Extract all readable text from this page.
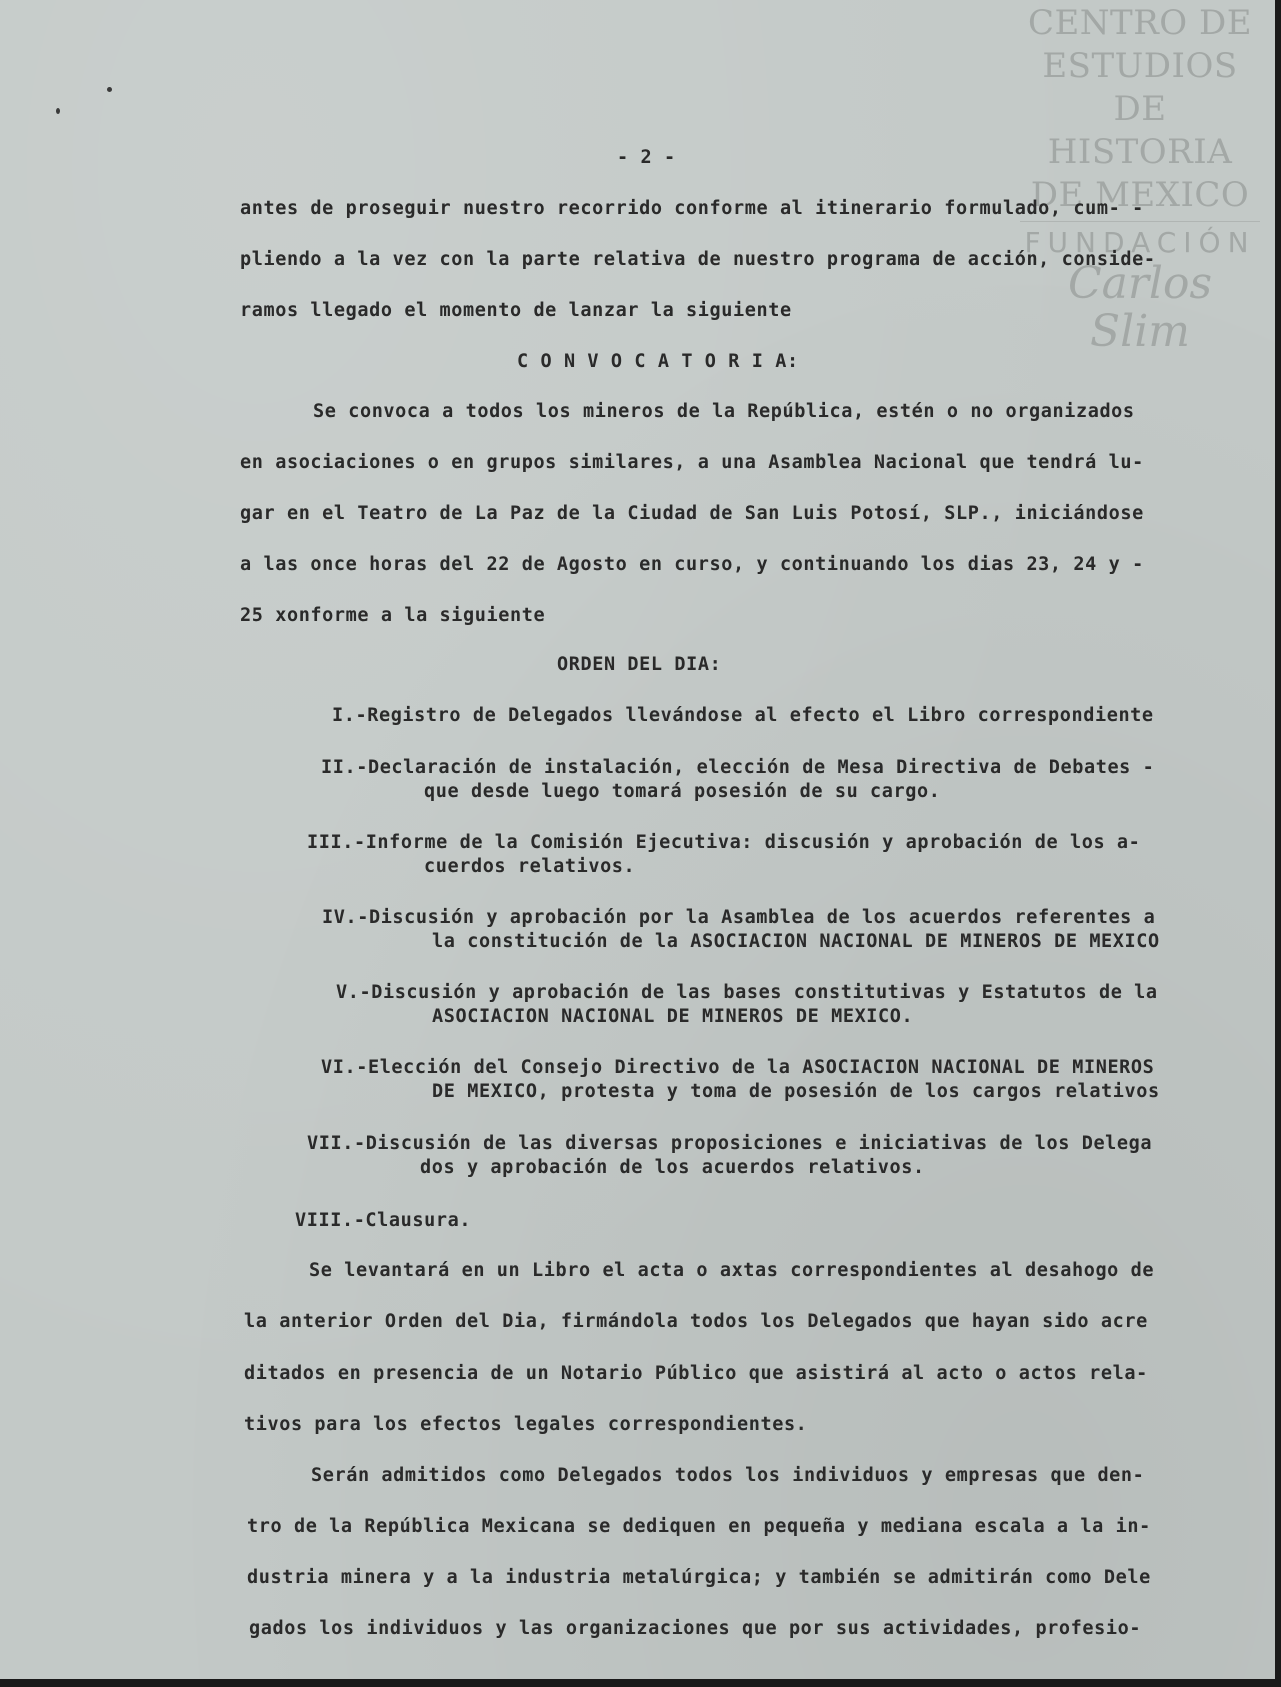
CENTRO DE
ESTUDIOS
DE HISTORIA
DE MEXICO
FUNDACIÓN
Carlos Slim
- 2 -
antes de proseguir nuestro recorrido conforme al itinerario formulado, cum- -
pliendo a la vez con la parte relativa de nuestro programa de acción, conside-
ramos llegado el momento de lanzar la siguiente
C O N V O C A T O R I A:
Se convoca a todos los mineros de la República, estén o no organizados
en asociaciones o en grupos similares, a una Asamblea Nacional que tendrá lu-
gar en el Teatro de La Paz de la Ciudad de San Luis Potosí, SLP., iniciándose
a las once horas del 22 de Agosto en curso, y continuando los dias 23, 24 y -
25 xonforme a la siguiente
ORDEN DEL DIA:
I.-Registro de Delegados llevándose al efecto el Libro correspondiente
II.-Declaración de instalación, elección de Mesa Directiva de Debates -
que desde luego tomará posesión de su cargo.
III.-Informe de la Comisión Ejecutiva: discusión y aprobación de los a-
cuerdos relativos.
IV.-Discusión y aprobación por la Asamblea de los acuerdos referentes a
la constitución de la ASOCIACION NACIONAL DE MINEROS DE MEXICO
V.-Discusión y aprobación de las bases constitutivas y Estatutos de la
ASOCIACION NACIONAL DE MINEROS DE MEXICO.
VI.-Elección del Consejo Directivo de la ASOCIACION NACIONAL DE MINEROS
DE MEXICO, protesta y toma de posesión de los cargos relativos
VII.-Discusión de las diversas proposiciones e iniciativas de los Delega
dos y aprobación de los acuerdos relativos.
VIII.-Clausura.
Se levantará en un Libro el acta o axtas correspondientes al desahogo de
la anterior Orden del Dia, firmándola todos los Delegados que hayan sido acre
ditados en presencia de un Notario Público que asistirá al acto o actos rela-
tivos para los efectos legales correspondientes.
Serán admitidos como Delegados todos los individuos y empresas que den-
tro de la República Mexicana se dediquen en pequeña y mediana escala a la in-
dustria minera y a la industria metalúrgica; y también se admitirán como Dele
gados los individuos y las organizaciones que por sus actividades, profesio-
